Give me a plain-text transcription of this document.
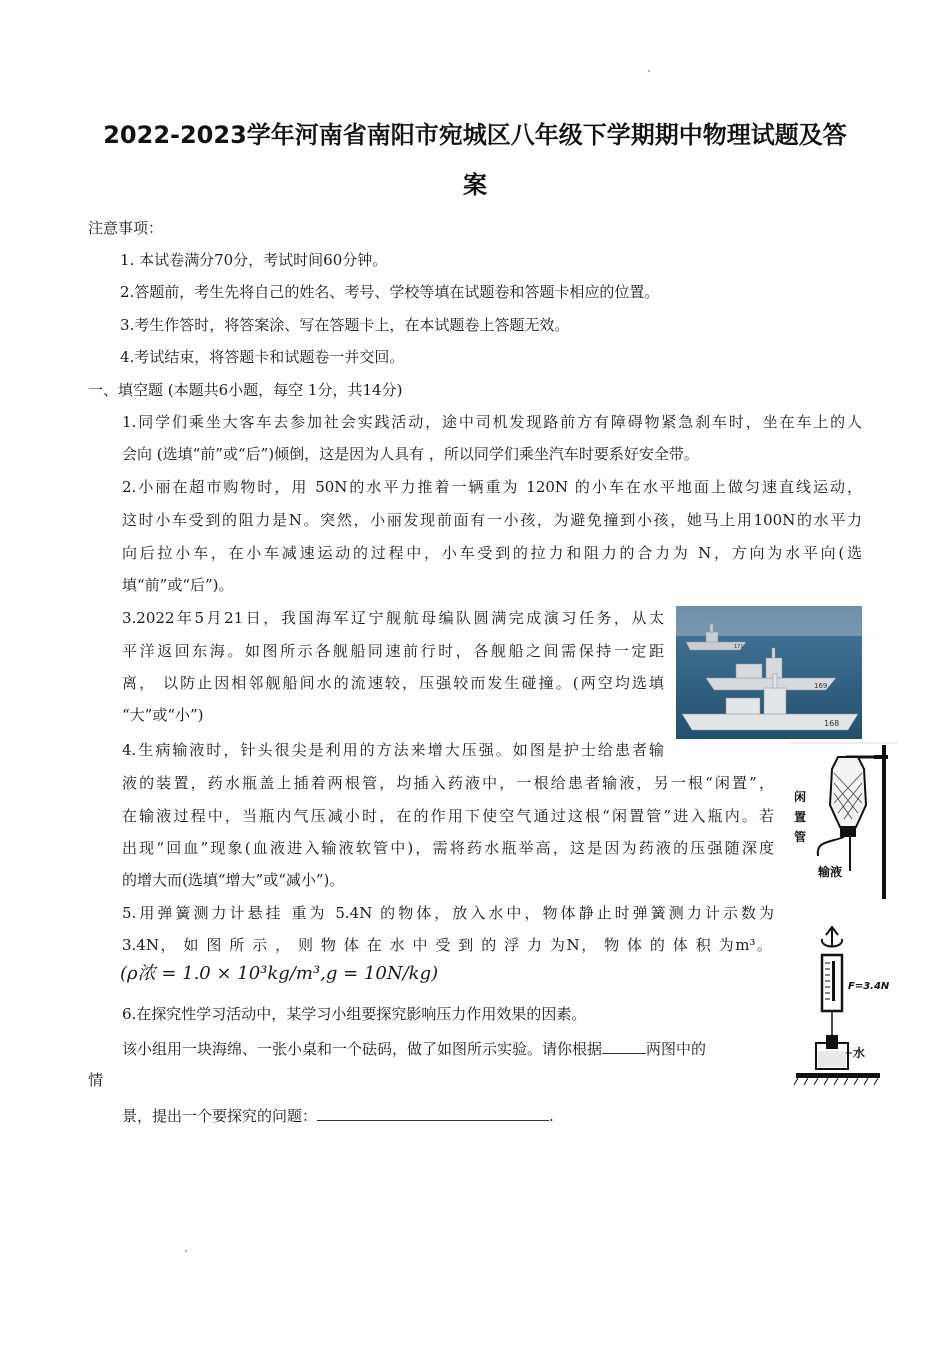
2022-2023学年河南省南阳市宛城区八年级下学期期中物理试题及答
案
注意事项：
1. 本试卷满分70分，考试时间60分钟。
2.答题前，考生先将自己的姓名、考号、学校等填在试题卷和答题卡相应的位置。
3.考生作答时，将答案涂、写在答题卡上，在本试题卷上答题无效。
4.考试结束，将答题卡和试题卷一并交回。
一、填空题 (本题共6小题，每空 1分，共14分)
1.同学们乘坐大客车去参加社会实践活动，途中司机发现路前方有障碍物紧急刹车时，坐在车上的人
会向 (选填“前”或“后”)倾倒，这是因为人具有 ，所以同学们乘坐汽车时要系好安全带。
2.小丽在超市购物时，用 50N的水平力推着一辆重为 120N 的小车在水平地面上做匀速直线运动，
这时小车受到的阻力是N。突然，小丽发现前面有一小孩，为避免撞到小孩，她马上用100N的水平力
向后拉小车，在小车减速运动的过程中，小车受到的拉力和阻力的合力为 N，方向为水平向(选
填“前”或“后”)。
3.2022年5月21日，我国海军辽宁舰航母编队圆满完成演习任务，从太
平洋返回东海。如图所示各舰船同速前行时，各舰船之间需保持一定距
离， 以防止因相邻舰船间水的流速较，压强较而发生碰撞。(两空均选填
“大”或“小”)
169
168
171
4.生病输液时，针头很尖是利用的方法来增大压强。如图是护士给患者输
液的装置，药水瓶盖上插着两根管，均插入药液中，一根给患者输液，另一根“闲置”，
在输液过程中，当瓶内气压减小时，在的作用下使空气通过这根“闲置管”进入瓶内。若
出现“回血”现象(血液进入输液软管中)，需将药水瓶举高，这是因为药液的压强随深度
的增大而(选填“增大”或“减小”)。
闲
置
管
输液
5.用弹簧测力计悬挂 重为 5.4N 的物体，放入水中，物体静止时弹簧测力计示数为
3.4N， 如 图 所 示 ， 则 物 体 在 水 中 受 到 的 浮 力 为N， 物 体 的 体 积 为m³。
(ρ浓 = 1.0 × 10³kg/m³,g = 10N/kg)
F=3.4N
水
6.在探究性学习活动中，某学习小组要探究影响压力作用效果的因素。
该小组用一块海绵、一张小桌和一个砝码，做了如图所示实验。请你根据	两图中的
情
景，提出一个要探究的问题：	.
